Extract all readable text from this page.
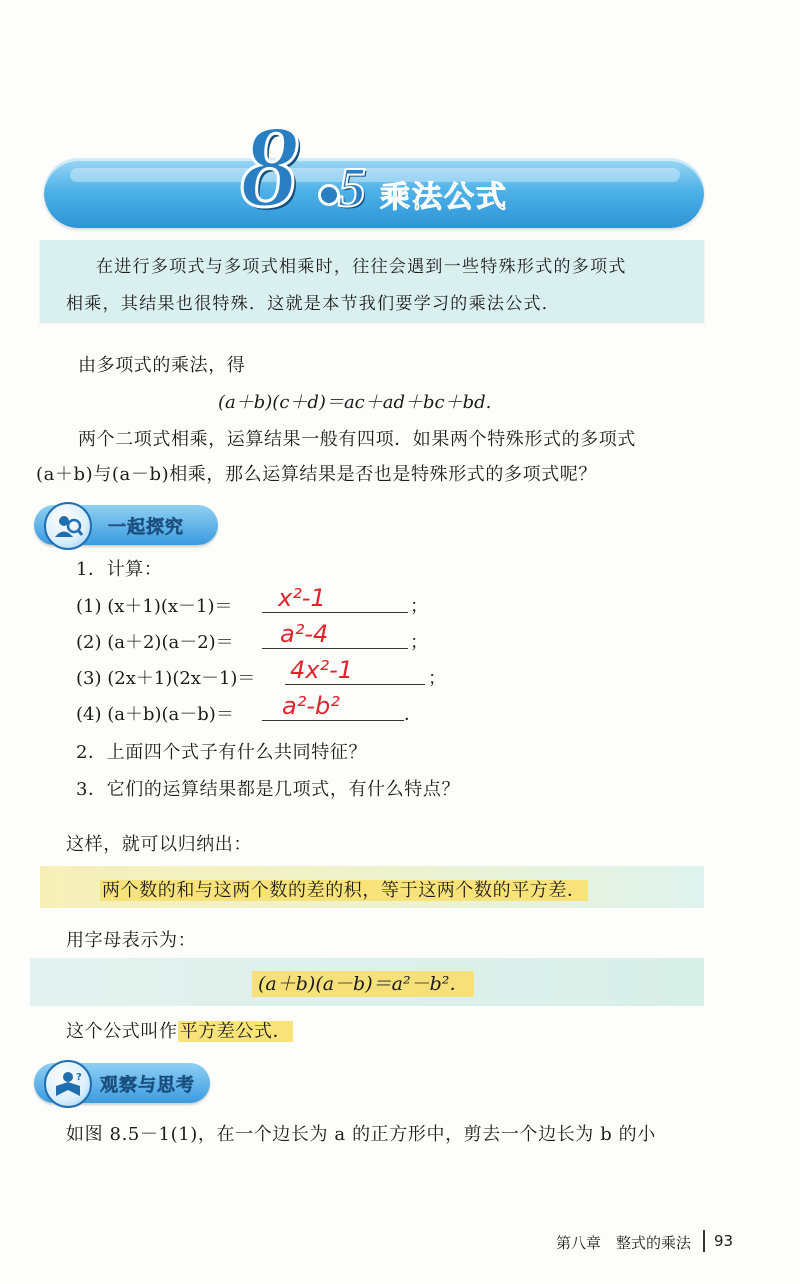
8 5 乘法公式
在进行多项式与多项式相乘时，往往会遇到一些特殊形式的多项式
相乘，其结果也很特殊．这就是本节我们要学习的乘法公式．
由多项式的乘法，得
(a＋b)(c＋d)＝ac＋ad＋bc＋bd.
两个二项式相乘，运算结果一般有四项．如果两个特殊形式的多项式
(a＋b)与(a－b)相乘，那么运算结果是否也是特殊形式的多项式呢？
一起探究
1．计算：
(1) (x＋1)(x－1)＝ x²-1	；
(2) (a＋2)(a－2)＝ a²-4	；
(3) (2x＋1)(2x－1)＝ 4x²-1	；
(4) (a＋b)(a－b)＝ a²-b²	．
2．上面四个式子有什么共同特征？
3．它们的运算结果都是几项式，有什么特点？
这样，就可以归纳出：
两个数的和与这两个数的差的积，等于这两个数的平方差．
用字母表示为：
(a＋b)(a－b)＝a²－b²．
这个公式叫作 平方差公式．
? 观察与思考
如图 8.5－1(1)，在一个边长为 a 的正方形中，剪去一个边长为 b 的小
第八章　整式的乘法 93
